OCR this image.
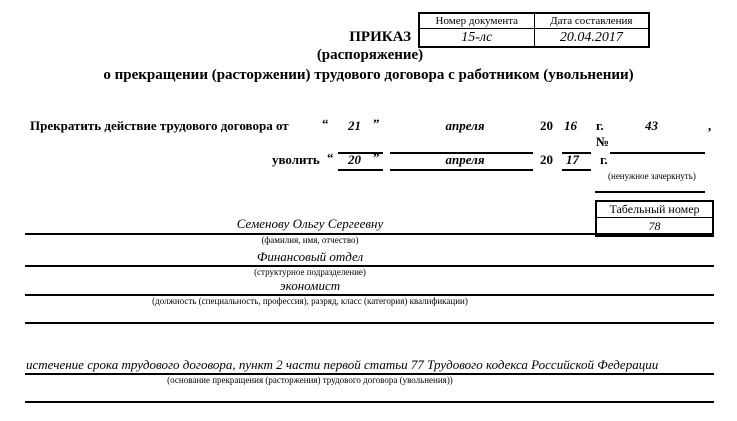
Номер документа	Дата составления
15-лс	20.04.2017
ПРИКАЗ
(распоряжение)
о прекращении (расторжении) трудового договора с работником (увольнении)
Прекратить действие трудового договора от	“ 21 ”	апреля	20 16 г.
№
43	,
уволить “ 20 ”	апреля	20 17 г.
(ненужное зачеркнуть)
Табельный номер
78
Семенову Ольгу Сергеевну
(фамилия, имя, отчество)
Финансовый отдел
(структурное подразделение)
экономист
(должность (специальность, профессия), разряд, класс (категория) квалификации)
истечение срока трудового договора, пункт 2 части первой статьи 77 Трудового кодекса Российской Федерации
(основание прекращения (расторжения) трудового договора (увольнения))
